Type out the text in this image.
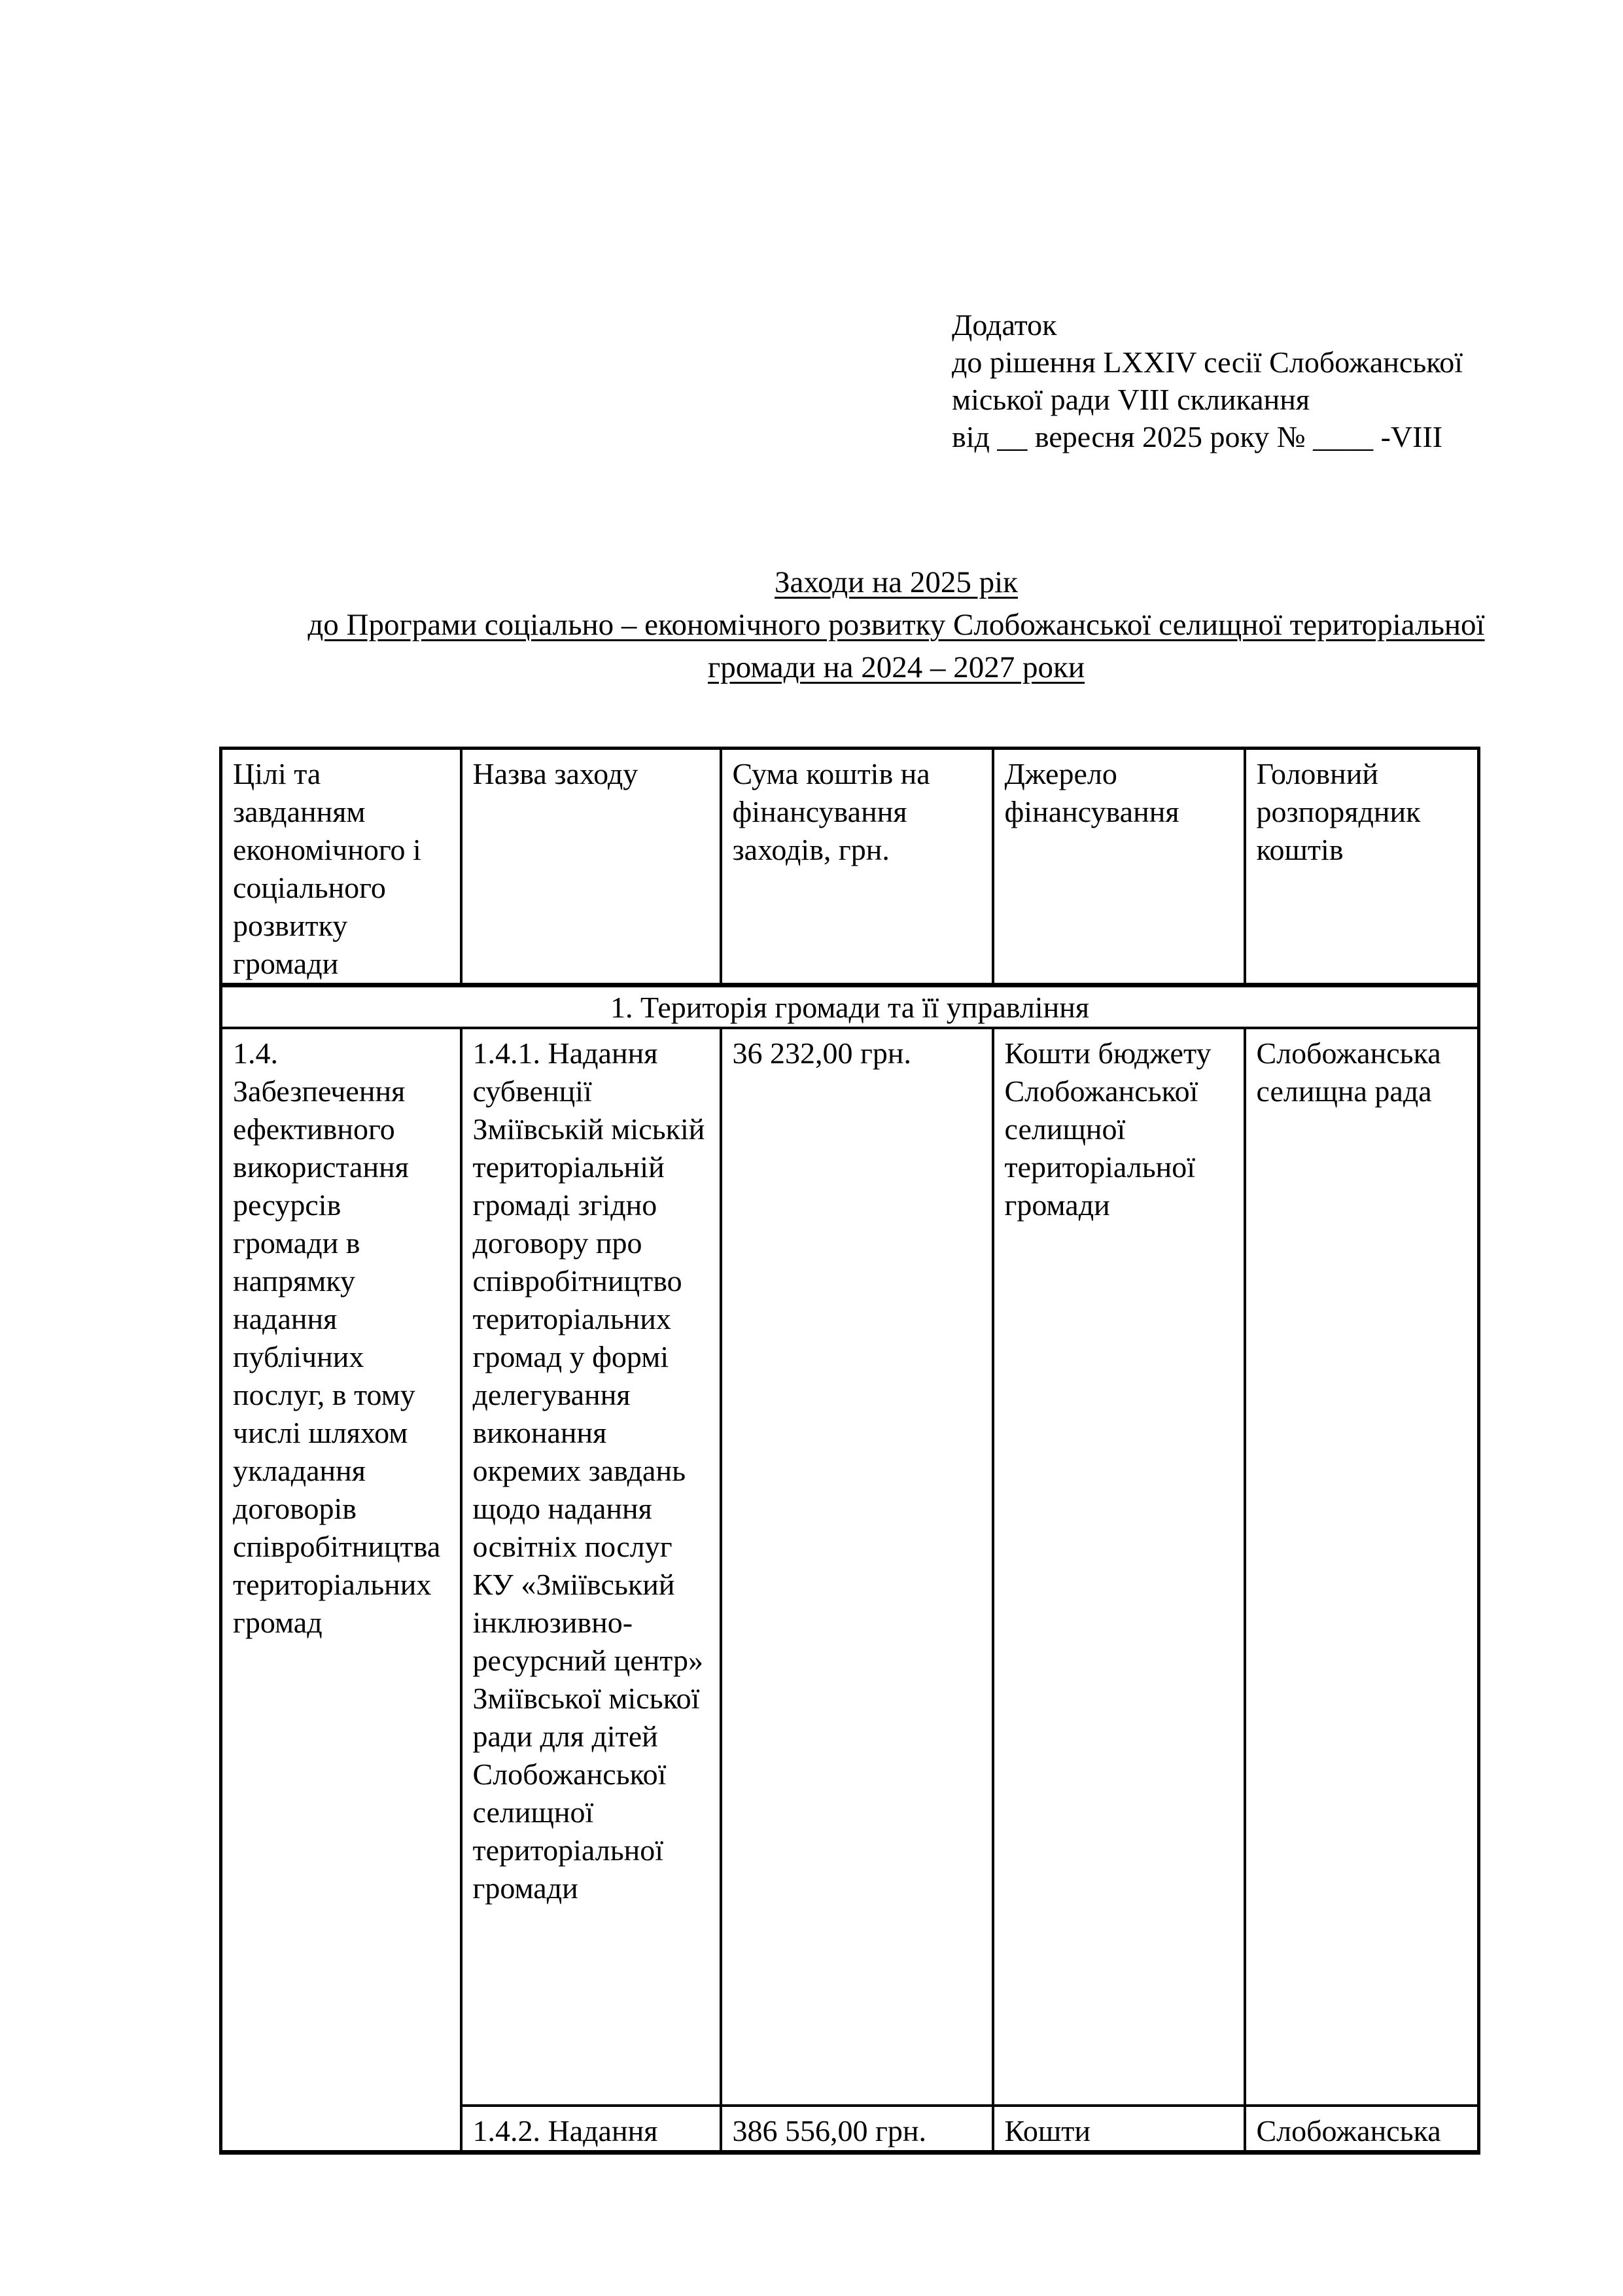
Додаток
до рішення LXXIV сесії Слобожанської
міської ради VIII скликання
від __ вересня 2025 року № ____ -VIII
Заходи на 2025 рік
до Програми соціально – економічного розвитку Слобожанської селищної територіальної
громади на 2024 – 2027 роки
Цілі та завданням економічного і соціального розвитку громади	Назва заходу	Сума коштів на фінансування заходів, грн.	Джерело фінансування	Головний розпорядник коштів
1. Територія громади та її управління				
1.4. Забезпечення ефективного використання ресурсів громади в напрямку надання публічних послуг, в тому числі шляхом укладання договорів співробітництва територіальних громад	1.4.1. Надання субвенції Зміївській міській територіальній громаді згідно договору про співробітництво територіальних громад у формі делегування виконання окремих завдань щодо надання освітніх послуг КУ «Зміївський інклюзивно-ресурсний центр» Зміївської міської ради для дітей Слобожанської селищної територіальної громади	36 232,00 грн.	Кошти бюджету Слобожанської селищної територіальної громади	Слобожанська селищна рада
	1.4.2. Надання	386 556,00 грн.	Кошти	Слобожанська
